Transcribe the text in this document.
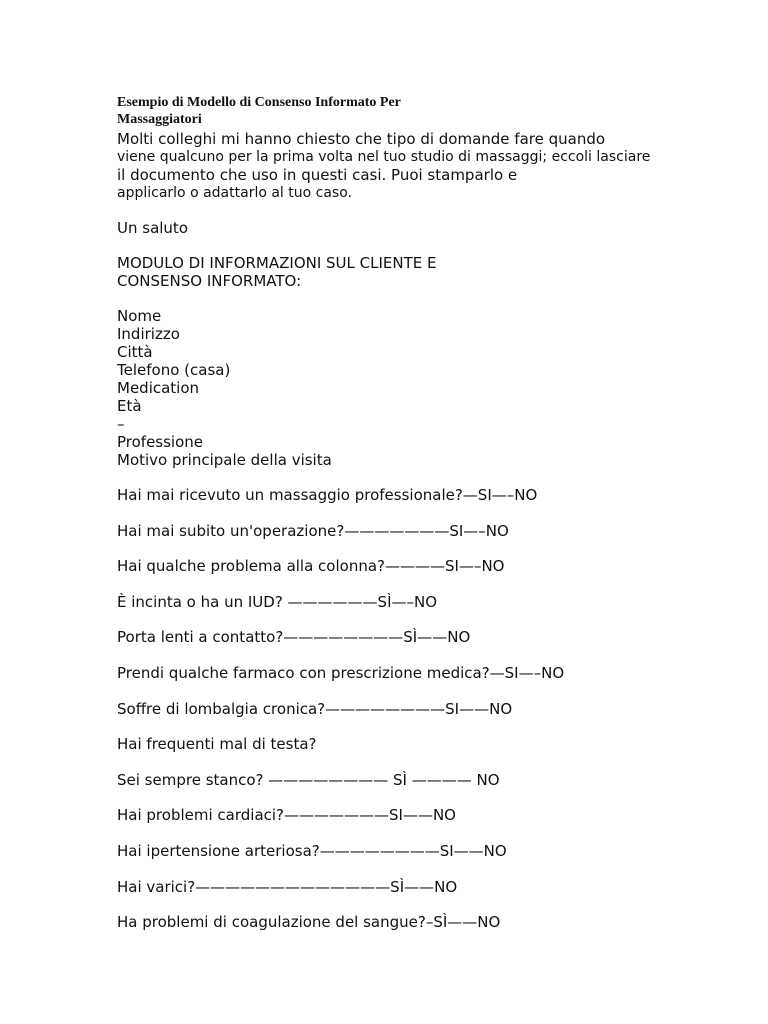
Esempio di Modello di Consenso Informato Per
Massaggiatori
Molti colleghi mi hanno chiesto che tipo di domande fare quando
viene qualcuno per la prima volta nel tuo studio di massaggi; eccoli lasciare
il documento che uso in questi casi. Puoi stamparlo e
applicarlo o adattarlo al tuo caso.
Un saluto
MODULO DI INFORMAZIONI SUL CLIENTE E
CONSENSO INFORMATO:
Nome
Indirizzo
Città
Telefono (casa)
Medication
Età
–
Professione
Motivo principale della visita
Hai mai ricevuto un massaggio professionale?—SI—–NO
Hai mai subito un'operazione?———————SI—–NO
Hai qualche problema alla colonna?————SI—–NO
È incinta o ha un IUD? ——————SÌ—–NO
Porta lenti a contatto?————————SÌ——NO
Prendi qualche farmaco con prescrizione medica?—SI—–NO
Soffre di lombalgia cronica?————————SI——NO
Hai frequenti mal di testa?
Sei sempre stanco? ———————— SÌ ———— NO
Hai problemi cardiaci?———————SI——NO
Hai ipertensione arteriosa?————————SI——NO
Hai varici?—————————————SÌ——NO
Ha problemi di coagulazione del sangue?–SÌ——NO
